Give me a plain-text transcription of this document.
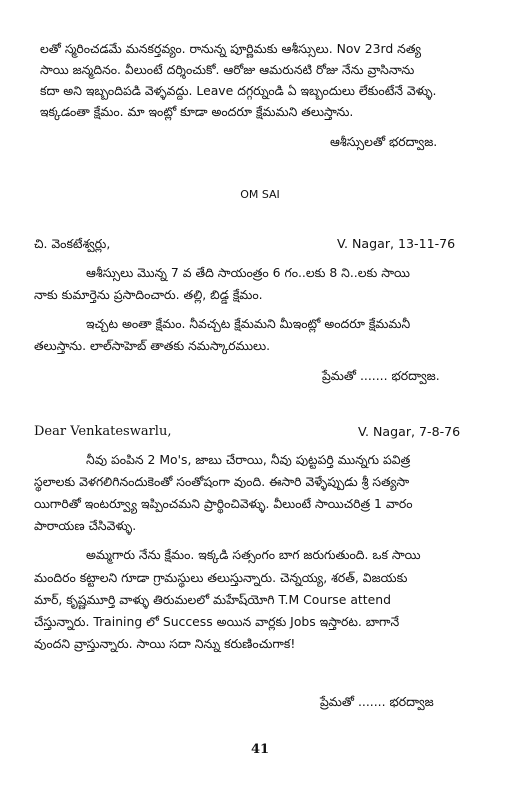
లతో స్మరించడమే మనకర్తవ్యం. రానున్న పూర్ణిమకు ఆశీస్సులు. Nov 23rd నత్య
సాయి జన్మదినం. వీలుంటే దర్శించుకో. ఆరోజు ఆమరునటి రోజు నేను వ్రాసినాను
కదా అని ఇబ్బందిపడి వెళ్ళవద్దు. Leave దగ్గర్నుండి ఏ ఇబ్బందులు లేకుంటేనే వెళ్ళు.
ఇక్కడంతా క్షేమం. మా ఇంట్లో కూడా అందరూ క్షేమమని తలుస్తాను.
ఆశీస్సులతో భరద్వాజ.
OM SAI
చి. వెంకటేశ్వర్లు,	V. Nagar, 13-11-76
ఆశీస్సులు మొన్న 7 వ తేది సాయంత్రం 6 గం..లకు 8 ని..లకు సాయి
నాకు కుమార్తెను ప్రసాదించారు. తల్లి, బిడ్డ క్షేమం.
ఇచ్చట అంతా క్షేమం. నీవచ్చట క్షేమమని మీఇంట్లో అందరూ క్షేమమనీ
తలుస్తాను. లాల్‌సాహెబ్ తాతకు నమస్కారములు.
ప్రేమతో ....... భరద్వాజ.
Dear Venkateswarlu,	V. Nagar, 7-8-76
నీవు పంపిన 2 Mo's, జాబు చేరాయి, నీవు పుట్టపర్తి మున్నగు పవిత్ర
స్థలాలకు వెళగలిగినందుకెంతో సంతోషంగా వుంది. ఈసారి వెళ్ళేప్పుడు శ్రీ సత్యసా
యిగారితో ఇంటర్వ్యూ ఇప్పించమని ప్రార్థించివెళ్ళు. వీలుంటే సాయిచరిత్ర 1 వారం
పారాయణ చేసివెళ్ళు.
అమ్మగారు నేను క్షేమం. ఇక్కడి సత్సంగం బాగ జరుగుతుంది. ఒక సాయి
మందిరం కట్టాలని గూడా గ్రామస్థులు తలుస్తున్నారు. చెన్నయ్య, శరత్, విజయకు
మార్, కృష్ణమూర్తి వాళ్ళు తిరుమలలో మహేష్‌యోగి T.M Course attend
చేస్తున్నారు. Training లో Success అయిన వార్లకు Jobs ఇస్తారట. బాగానే
వుందని వ్రాస్తున్నారు. సాయి సదా నిన్ను కరుణించుగాక!
ప్రేమతో ....... భరద్వాజ
41
